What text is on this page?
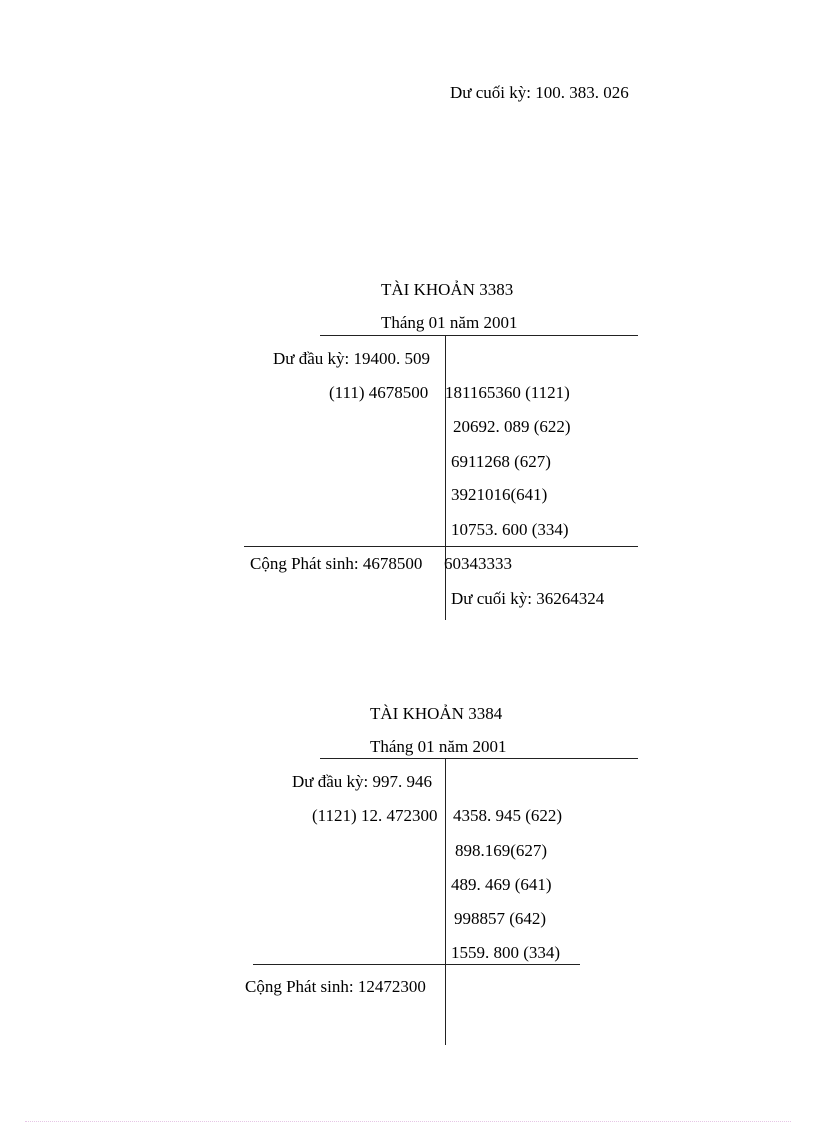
Dư cuối kỳ: 100. 383. 026
TÀI KHOẢN 3383
Tháng 01 năm 2001
Dư đầu kỳ: 19400. 509
(111) 4678500 181165360 (1121)
20692. 089 (622)
6911268 (627)
3921016(641)
10753. 600 (334)
Cộng Phát sinh: 4678500 60343333
Dư cuối kỳ: 36264324
TÀI KHOẢN 3384
Tháng 01 năm 2001
Dư đầu kỳ: 997. 946
(1121) 12. 472300 4358. 945 (622)
898.169(627)
489. 469 (641)
998857 (642)
1559. 800 (334)
Cộng Phát sinh: 12472300
